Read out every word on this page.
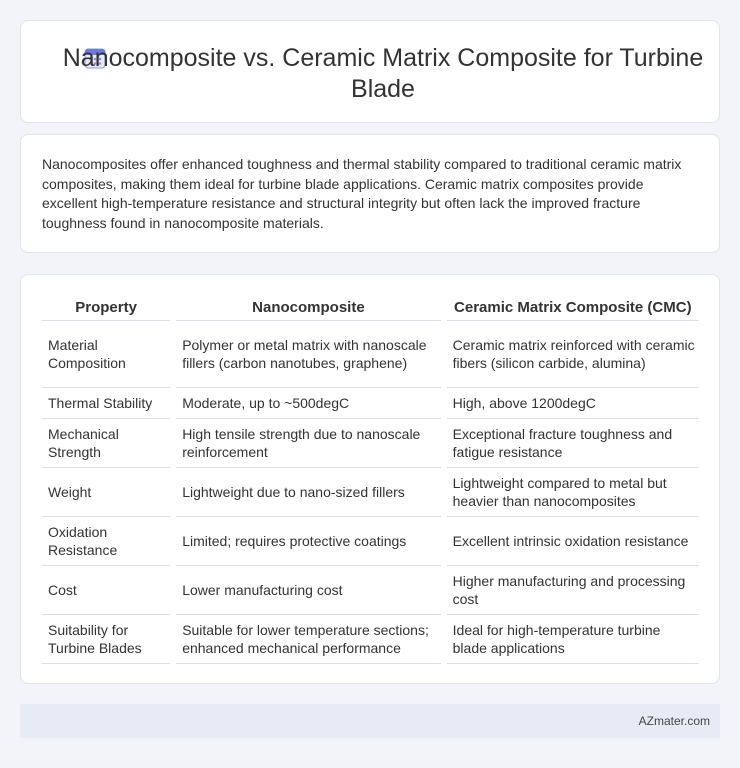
Nanocomposite vs. Ceramic Matrix Composite for Turbine Blade

Nanocomposites offer enhanced toughness and thermal stability compared to traditional ceramic matrix composites, making them ideal for turbine blade applications. Ceramic matrix composites provide excellent high-temperature resistance and structural integrity but often lack the improved fracture toughness found in nanocomposite materials.

Property	Nanocomposite	Ceramic Matrix Composite (CMC)
Material Composition	Polymer or metal matrix with nanoscale fillers (carbon nanotubes, graphene)	Ceramic matrix reinforced with ceramic fibers (silicon carbide, alumina)
Thermal Stability	Moderate, up to ~500degC	High, above 1200degC
Mechanical Strength	High tensile strength due to nanoscale reinforcement	Exceptional fracture toughness and fatigue resistance
Weight	Lightweight due to nano-sized fillers	Lightweight compared to metal but heavier than nanocomposites
Oxidation Resistance	Limited; requires protective coatings	Excellent intrinsic oxidation resistance
Cost	Lower manufacturing cost	Higher manufacturing and processing cost
Suitability for Turbine Blades	Suitable for lower temperature sections; enhanced mechanical performance	Ideal for high-temperature turbine blade applications
AZmater.com
